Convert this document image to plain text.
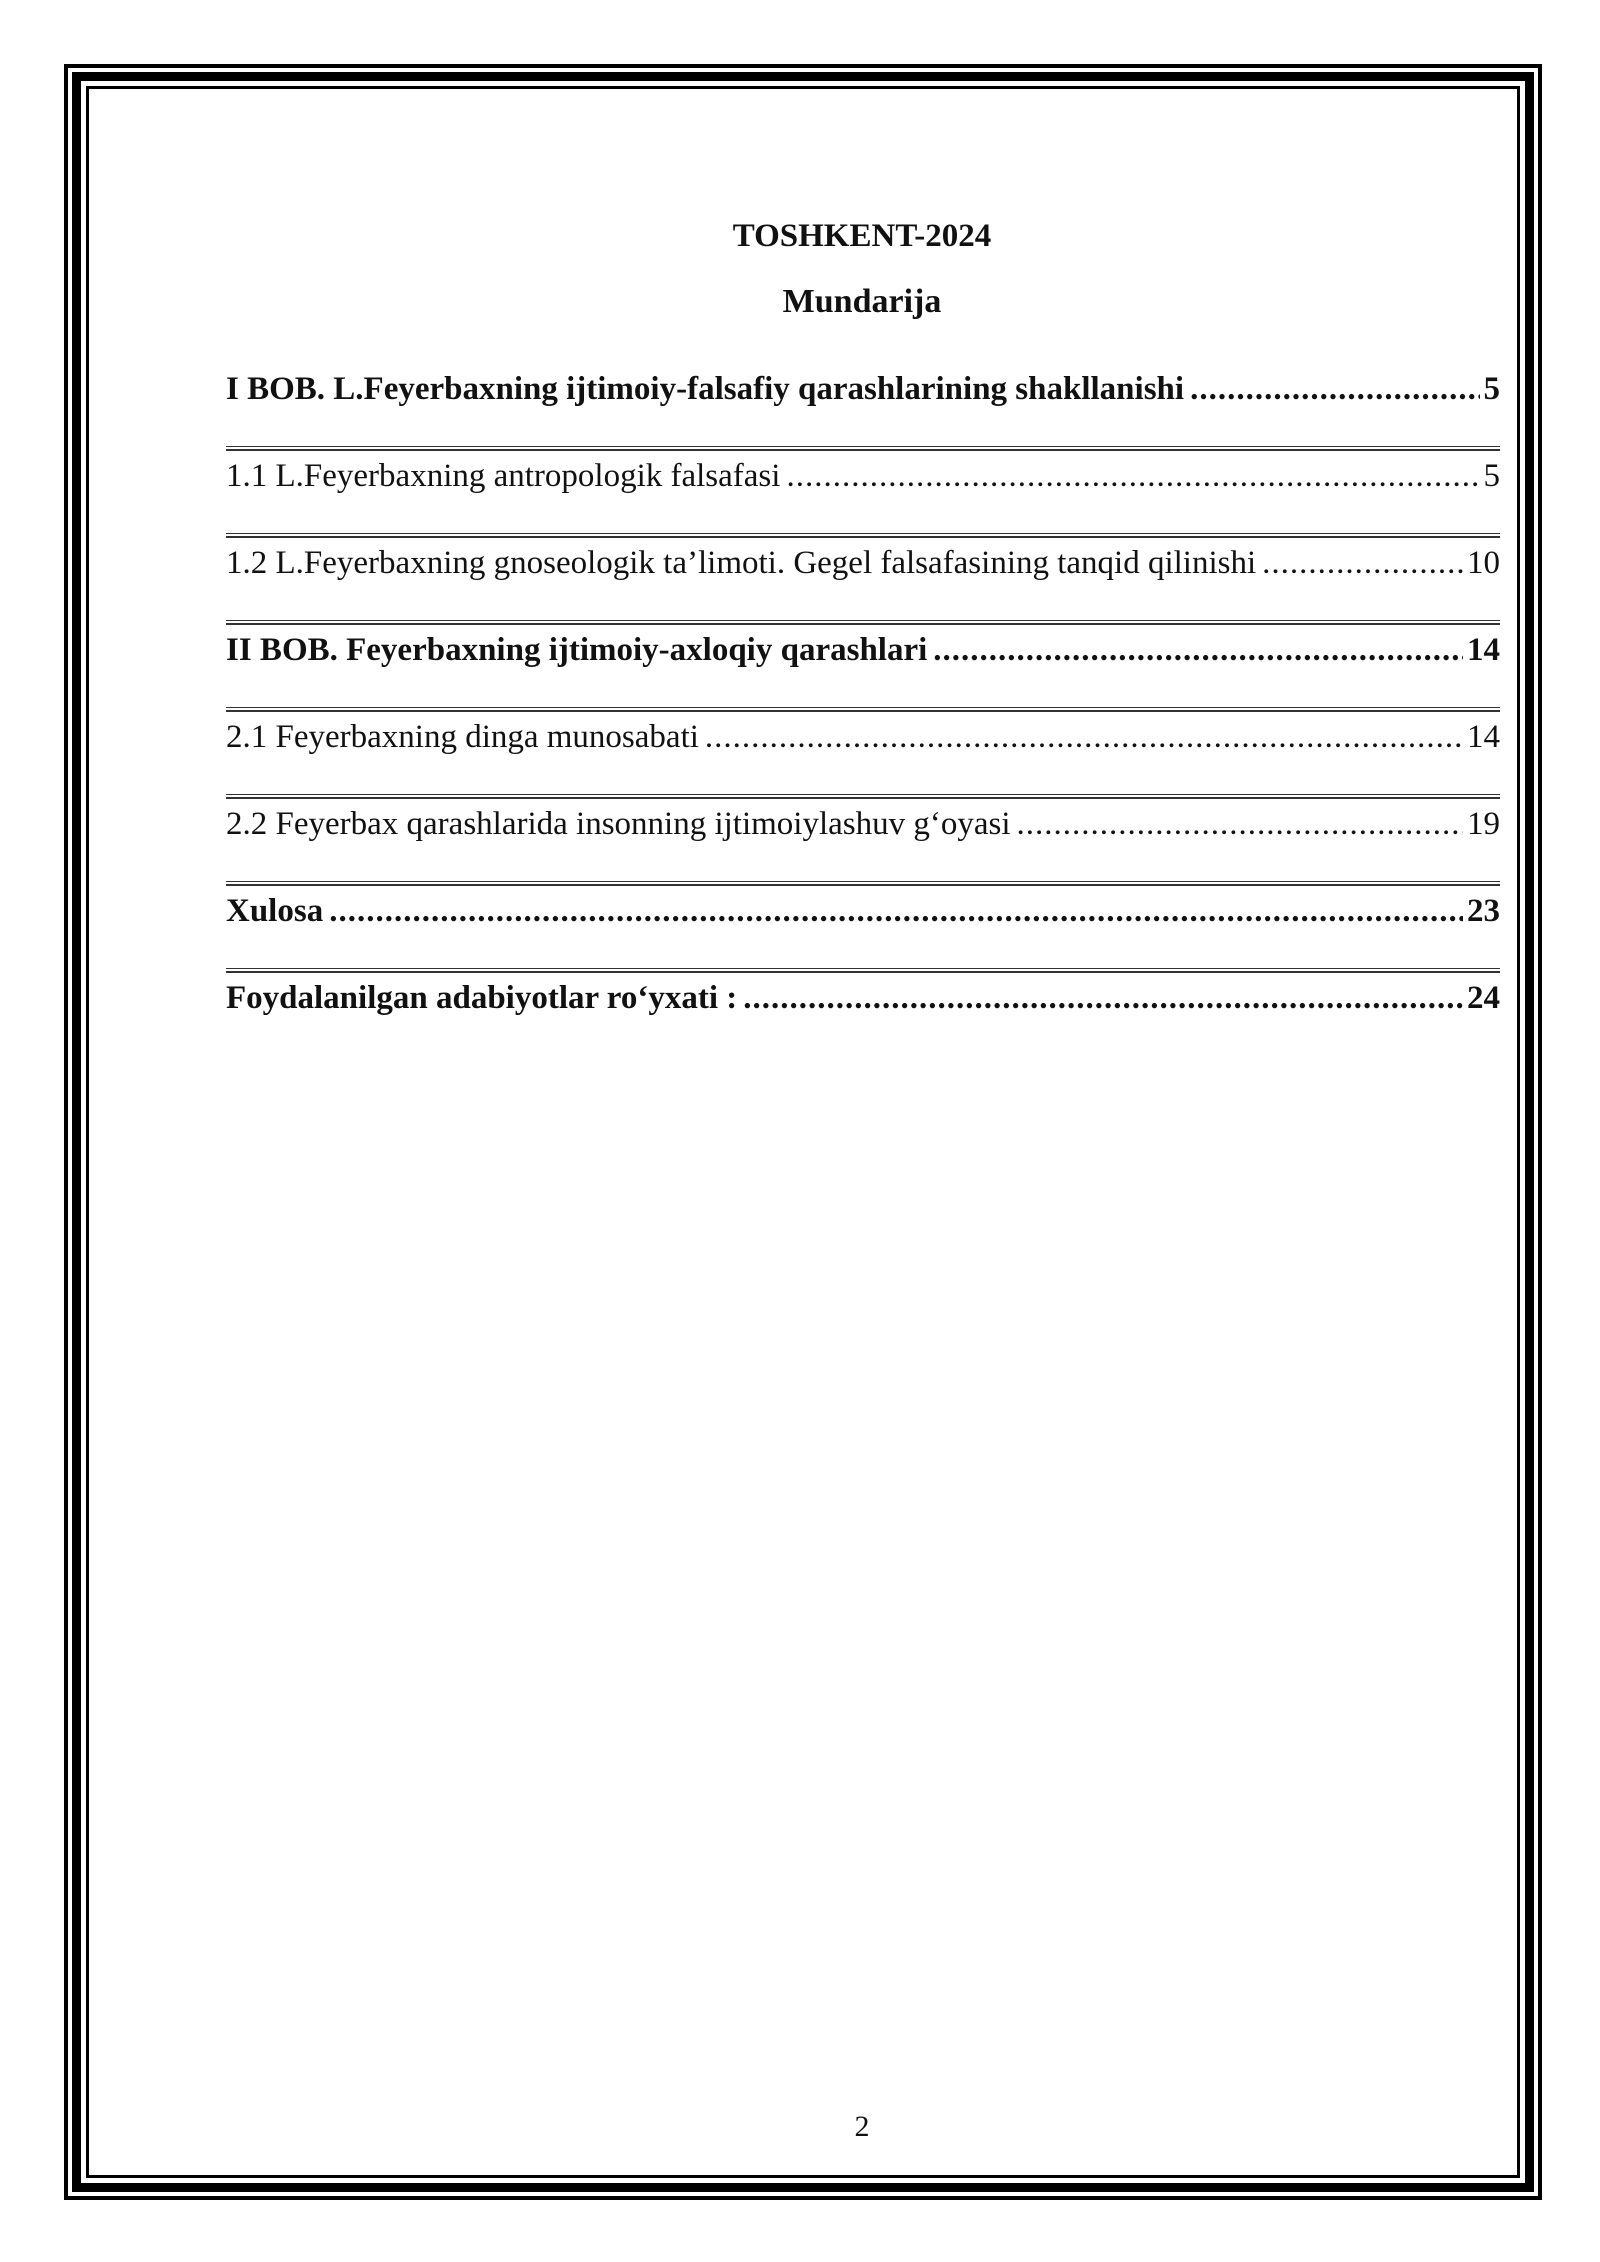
TOSHKENT-2024
Mundarija
I BOB. L.Feyerbaxning ijtimoiy-falsafiy qarashlarining shakllanishi .....	5
1.1 L.Feyerbaxning antropologik falsafasi .....	5
1.2 L.Feyerbaxning gnoseologik ta’limoti. Gegel falsafasining tanqid qilinishi .....	10
II BOB. Feyerbaxning ijtimoiy-axloqiy qarashlari .....	14
2.1 Feyerbaxning dinga munosabati .....	14
2.2 Feyerbax qarashlarida insonning ijtimoiylashuv g‘oyasi .....	19
Xulosa .....	23
Foydalanilgan adabiyotlar ro‘yxati : .....	24
2
